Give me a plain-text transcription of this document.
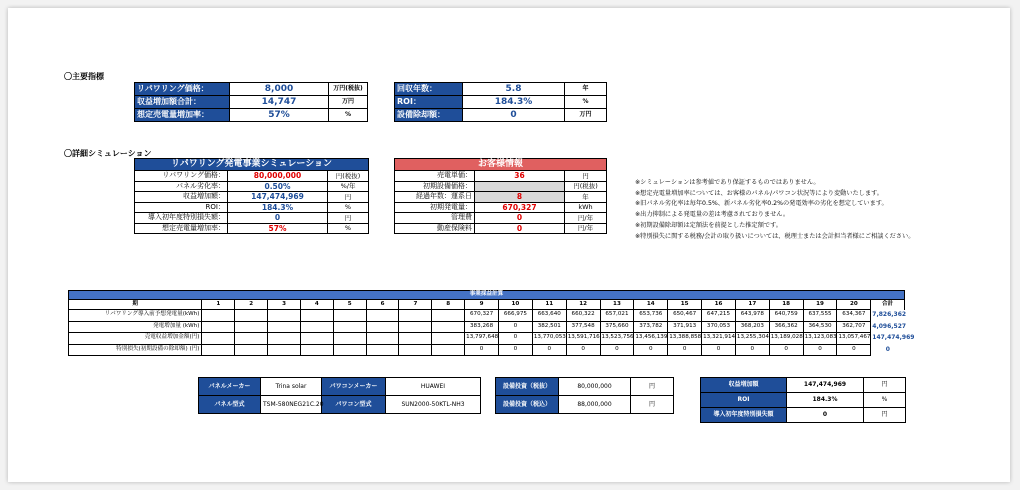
〇主要指標
リパワリング価格：	8,000	万円(税抜)
収益増加額合計：	14,747	万円
想定売電量増加率：	57%	%
回収年数：	5.8	年
ROI：	184.3%	%
設備除却額：	0	万円
〇詳細シミュレーション
リパワリング発電事業シミュレーション		
リパワリング価格：	80,000,000	円(税抜)
パネル劣化率：	0.50%	%/年
収益増加額：	147,474,969	円
ROI：	184.3%	%
導入初年度特別損失額：	0	円
想定売電量増加率：	57%	%
お客様情報		
売電単価：	36	円
初期設備価格：		円(税抜)
経過年数：運系日	8	年
初期発電量：	670,327	kWh
管理費	0	円/年
動産保険料	0	円/年
※シミュレーションは参考値であり保証するものではありません。
※想定売電量増加率については、お客様のパネル/パワコン状況等により変動いたします。
※旧パネル劣化率は毎年0.5%、新パネル劣化率0.2%の発電効率の劣化を想定しています。
※出力抑制による発電量の差は考慮されておりません。
※初期設備除却額は定額法を前提とした推定額です。
※特別損失に関する税務/会計の取り扱いについては、税理士または会計担当者様にご相談ください。
事業採益計算																					
期	1	2	3	4	5	6	7	8	9	10	11	12	13	14	15	16	17	18	19	20	合計
リパワリング導入前予想発電量(kWh)									670,327	666,975	663,640	660,322	657,021	653,736	650,467	647,215	643,978	640,759	637,555	634,367	7,826,362
発電増加量 (kWh)									383,268	0	382,501	377,548	375,660	373,782	371,913	370,053	368,203	366,362	364,530	362,707	4,096,527
売電収益増加金額(円)									13,797,648	0	13,770,053	13,591,716	13,523,756	13,456,139	13,388,858	13,321,914	13,255,304	13,189,028	13,123,083	13,057,467	147,474,969
特別損失(初期設備の除却額) (円)									0	0	0	0	0	0	0	0	0	0	0	0	0
パネルメーカー	Trina solar	パワコンメーカー	HUAWEI
パネル型式	TSM-580NEG21C.20	パワコン型式	SUN2000-50KTL-NH3
設備投資（税抜）	80,000,000	円
設備投資（税込）	88,000,000	円
収益増加額	147,474,969	円
ROI	184.3%	%
導入初年度特別損失額	0	円
